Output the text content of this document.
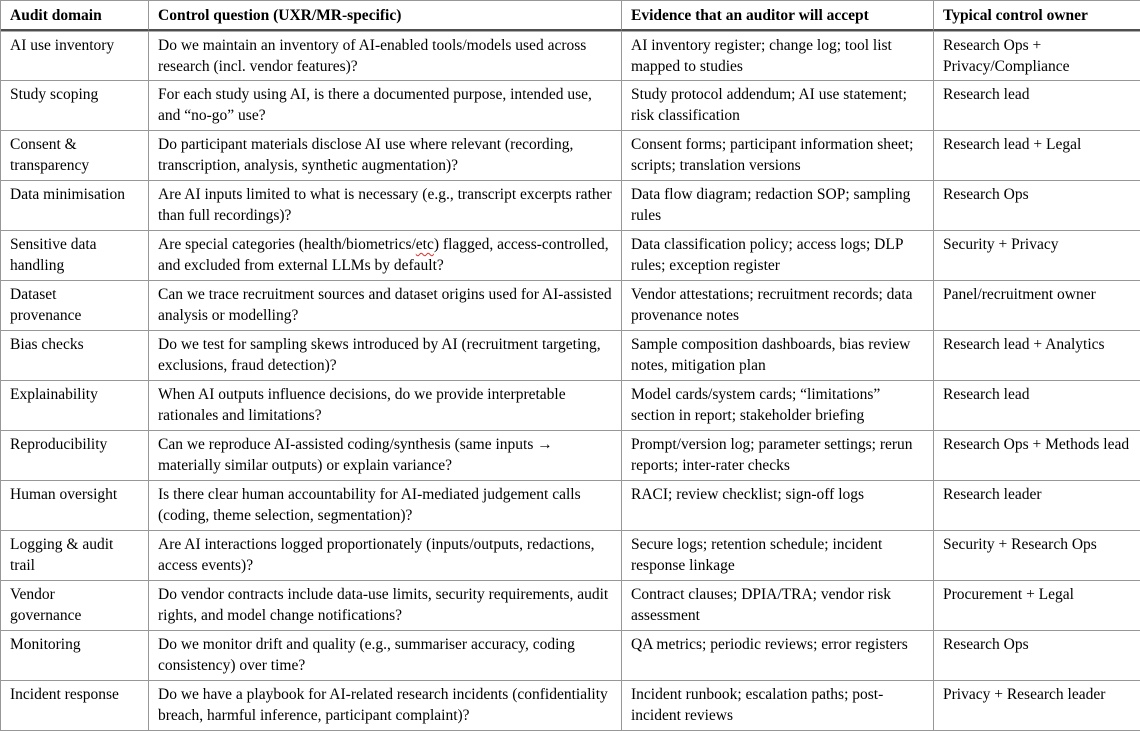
Audit domain	Control question (UXR/MR-specific)	Evidence that an auditor will accept	Typical control owner
AI use inventory	Do we maintain an inventory of AI-enabled tools/models used across research (incl. vendor features)?	AI inventory register; change log; tool list mapped to studies	Research Ops + Privacy/Compliance
Study scoping	For each study using AI, is there a documented purpose, intended use, and “no-go” use?	Study protocol addendum; AI use statement; risk classification	Research lead
Consent & transparency	Do participant materials disclose AI use where relevant (recording, transcription, analysis, synthetic augmentation)?	Consent forms; participant information sheet; scripts; translation versions	Research lead + Legal
Data minimisation	Are AI inputs limited to what is necessary (e.g., transcript excerpts rather than full recordings)?	Data flow diagram; redaction SOP; sampling rules	Research Ops
Sensitive data handling	Are special categories (health/biometrics/etc) flagged, access-controlled, and excluded from external LLMs by default?	Data classification policy; access logs; DLP rules; exception register	Security + Privacy
Dataset provenance	Can we trace recruitment sources and dataset origins used for AI-assisted analysis or modelling?	Vendor attestations; recruitment records; data provenance notes	Panel/recruitment owner
Bias checks	Do we test for sampling skews introduced by AI (recruitment targeting, exclusions, fraud detection)?	Sample composition dashboards, bias review notes, mitigation plan	Research lead + Analytics
Explainability	When AI outputs influence decisions, do we provide interpretable rationales and limitations?	Model cards/system cards; “limitations” section in report; stakeholder briefing	Research lead
Reproducibility	Can we reproduce AI-assisted coding/synthesis (same inputs → materially similar outputs) or explain variance?	Prompt/version log; parameter settings; rerun reports; inter-rater checks	Research Ops + Methods lead
Human oversight	Is there clear human accountability for AI-mediated judgement calls (coding, theme selection, segmentation)?	RACI; review checklist; sign-off logs	Research leader
Logging & audit trail	Are AI interactions logged proportionately (inputs/outputs, redactions, access events)?	Secure logs; retention schedule; incident response linkage	Security + Research Ops
Vendor governance	Do vendor contracts include data-use limits, security requirements, audit rights, and model change notifications?	Contract clauses; DPIA/TRA; vendor risk assessment	Procurement + Legal
Monitoring	Do we monitor drift and quality (e.g., summariser accuracy, coding consistency) over time?	QA metrics; periodic reviews; error registers	Research Ops
Incident response	Do we have a playbook for AI-related research incidents (confidentiality breach, harmful inference, participant complaint)?	Incident runbook; escalation paths; post-incident reviews	Privacy + Research leader
